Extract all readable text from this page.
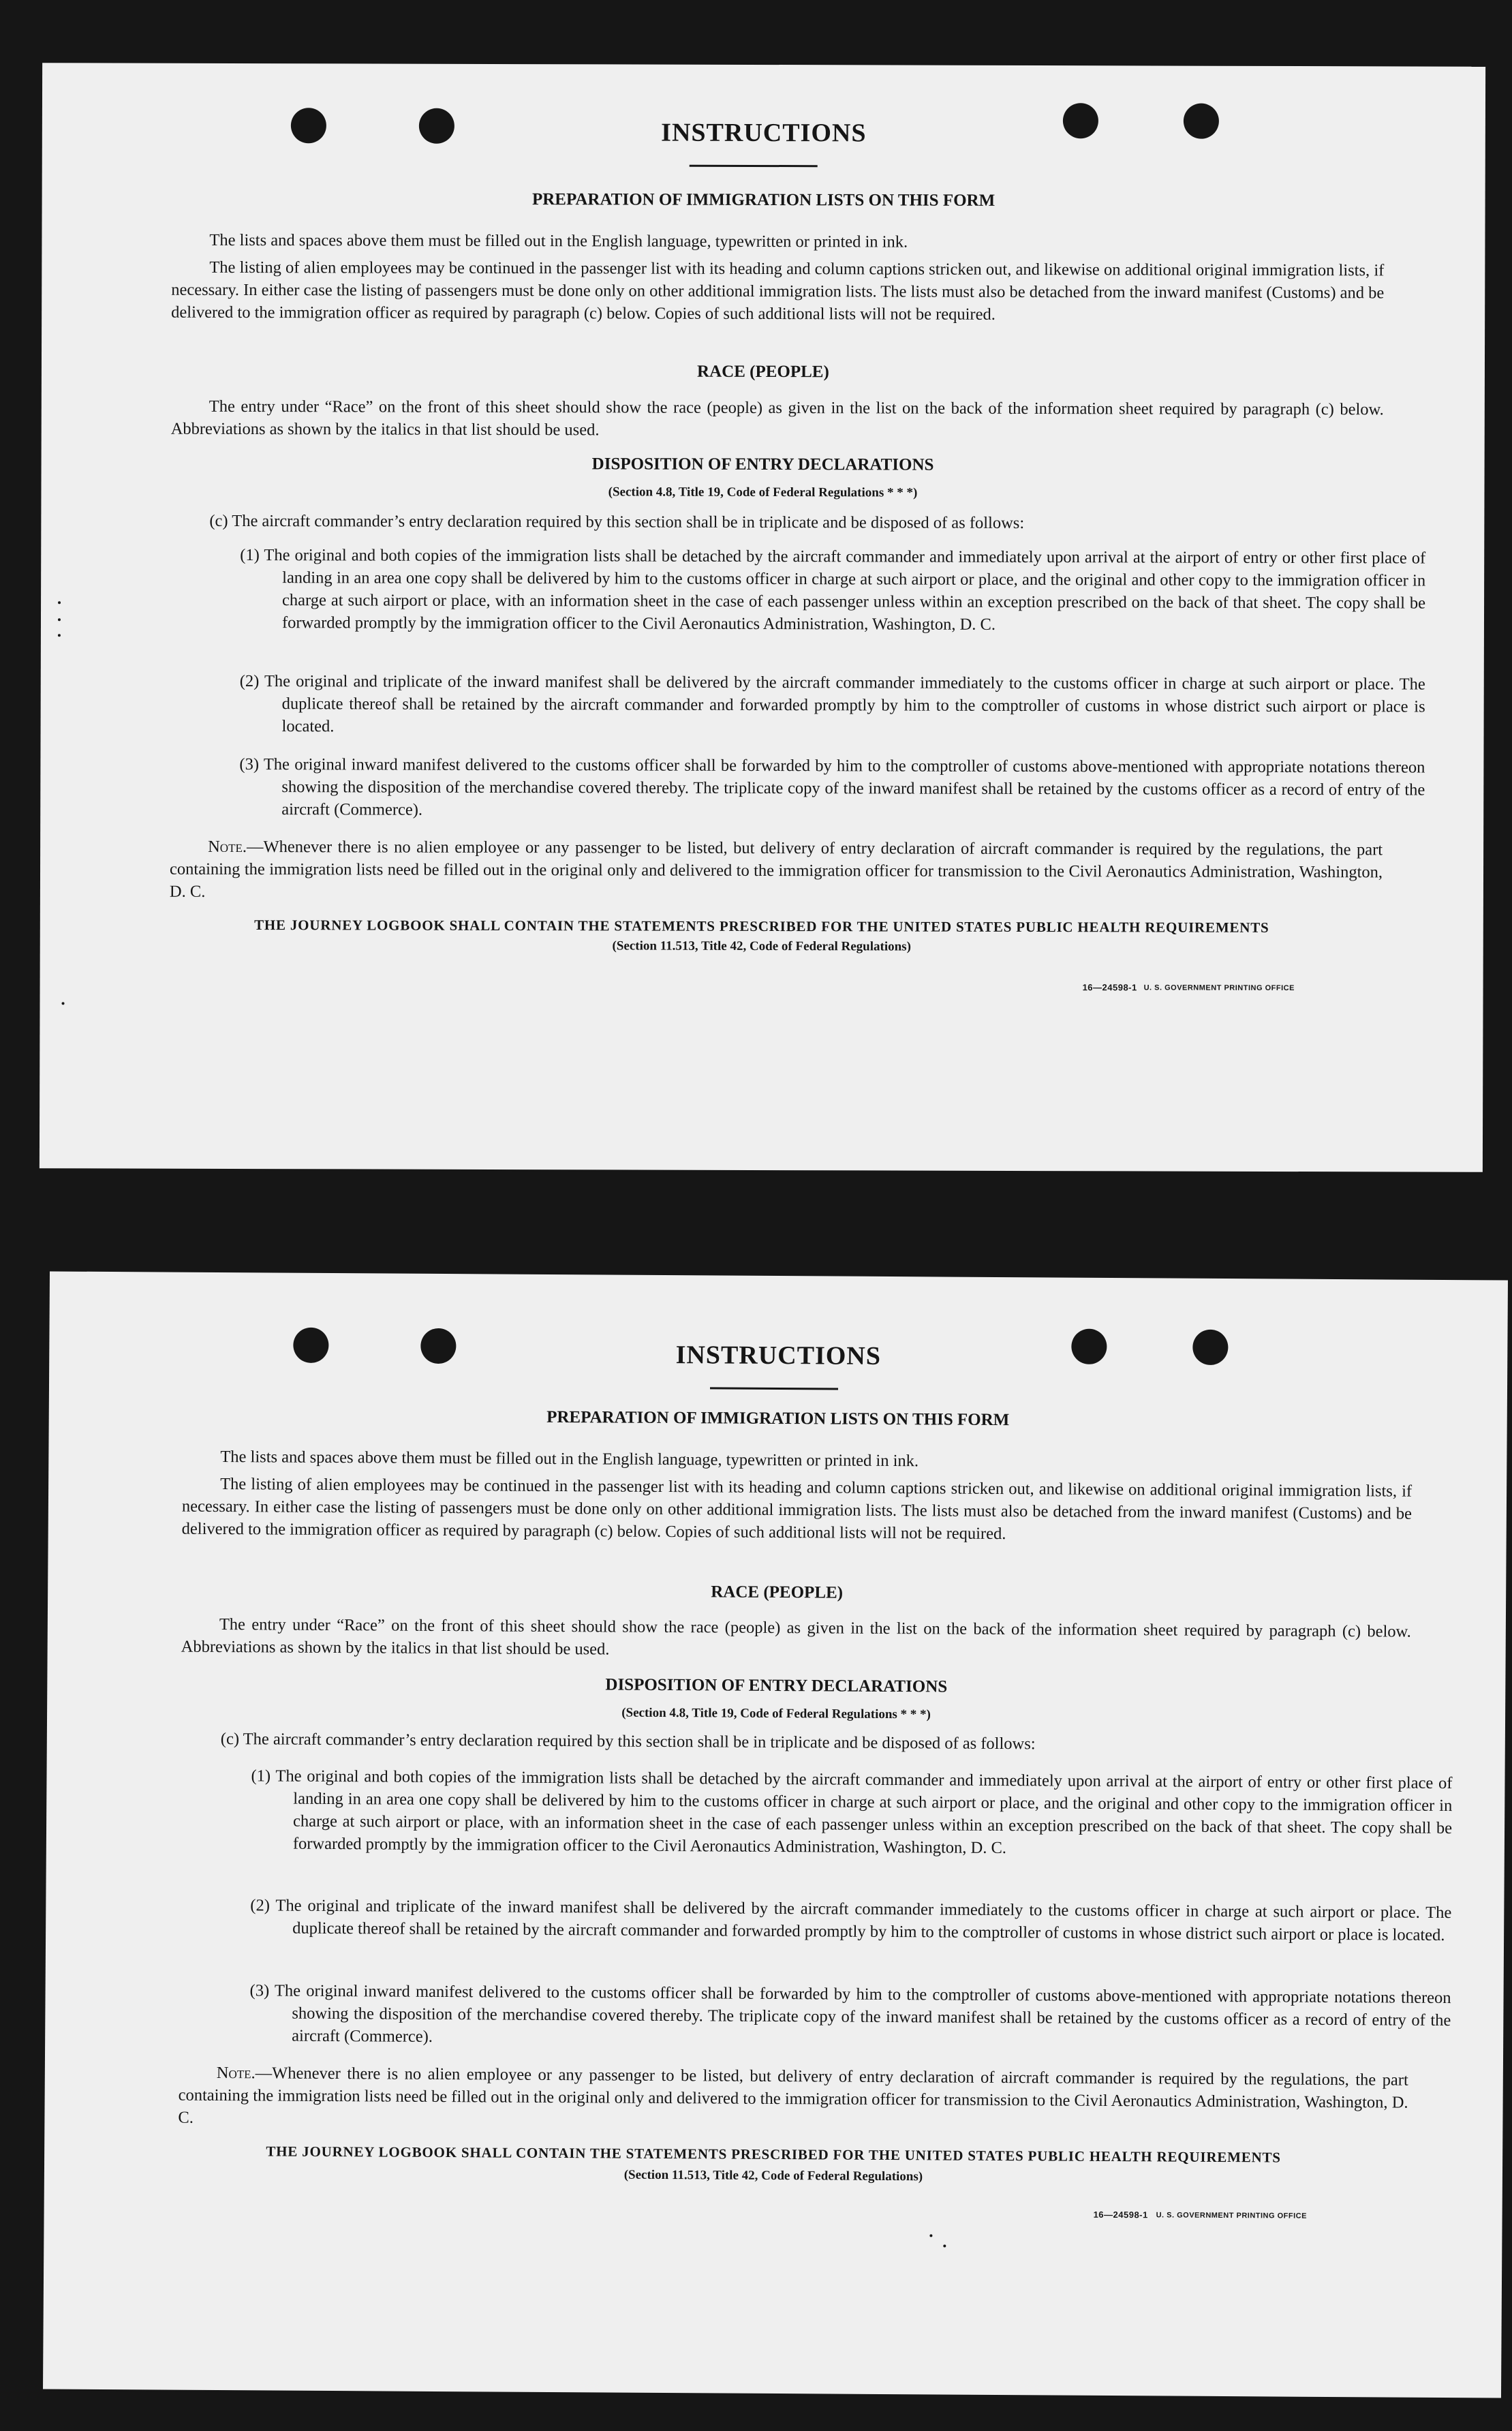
INSTRUCTIONS
PREPARATION OF IMMIGRATION LISTS ON THIS FORM

The lists and spaces above them must be filled out in the English language, typewritten or printed in ink.

The listing of alien employees may be continued in the passenger list with its heading and column captions stricken out, and likewise on additional original immigration lists, if necessary. In either case the listing of passengers must be done only on other additional immigration lists. The lists must also be detached from the inward manifest (Customs) and be delivered to the immigration officer as required by paragraph (c) below. Copies of such additional lists will not be required.

RACE (PEOPLE)

The entry under “Race” on the front of this sheet should show the race (people) as given in the list on the back of the information sheet required by paragraph (c) below. Abbreviations as shown by the italics in that list should be used.

DISPOSITION OF ENTRY DECLARATIONS
(Section 4.8, Title 19, Code of Federal Regulations * * *)

(c) The aircraft commander’s entry declaration required by this section shall be in triplicate and be disposed of as follows:

(1) The original and both copies of the immigration lists shall be detached by the aircraft commander and immediately upon arrival at the airport of entry or other first place of landing in an area one copy shall be delivered by him to the customs officer in charge at such airport or place, and the original and other copy to the immigration officer in charge at such airport or place, with an information sheet in the case of each passenger unless within an exception prescribed on the back of that sheet. The copy shall be forwarded promptly by the immigration officer to the Civil Aeronautics Administration, Washington, D. C.

(2) The original and triplicate of the inward manifest shall be delivered by the aircraft commander immediately to the customs officer in charge at such airport or place. The duplicate thereof shall be retained by the aircraft commander and forwarded promptly by him to the comptroller of customs in whose district such airport or place is located.

(3) The original inward manifest delivered to the customs officer shall be forwarded by him to the comptroller of customs above-mentioned with appropriate notations thereon showing the disposition of the merchandise covered thereby. The triplicate copy of the inward manifest shall be retained by the customs officer as a record of entry of the aircraft (Commerce).

Note.—Whenever there is no alien employee or any passenger to be listed, but delivery of entry declaration of aircraft commander is required by the regulations, the part containing the immigration lists need be filled out in the original only and delivered to the immigration officer for transmission to the Civil Aeronautics Administration, Washington, D. C.

THE JOURNEY LOGBOOK SHALL CONTAIN THE STATEMENTS PRESCRIBED FOR THE UNITED STATES PUBLIC HEALTH REQUIREMENTS
(Section 11.513, Title 42, Code of Federal Regulations)
16—24598-1 U. S. GOVERNMENT PRINTING OFFICE
INSTRUCTIONS
PREPARATION OF IMMIGRATION LISTS ON THIS FORM

The lists and spaces above them must be filled out in the English language, typewritten or printed in ink.

The listing of alien employees may be continued in the passenger list with its heading and column captions stricken out, and likewise on additional original immigration lists, if necessary. In either case the listing of passengers must be done only on other additional immigration lists. The lists must also be detached from the inward manifest (Customs) and be delivered to the immigration officer as required by paragraph (c) below. Copies of such additional lists will not be required.

RACE (PEOPLE)

The entry under “Race” on the front of this sheet should show the race (people) as given in the list on the back of the information sheet required by paragraph (c) below. Abbreviations as shown by the italics in that list should be used.

DISPOSITION OF ENTRY DECLARATIONS
(Section 4.8, Title 19, Code of Federal Regulations * * *)

(c) The aircraft commander’s entry declaration required by this section shall be in triplicate and be disposed of as follows:

(1) The original and both copies of the immigration lists shall be detached by the aircraft commander and immediately upon arrival at the airport of entry or other first place of landing in an area one copy shall be delivered by him to the customs officer in charge at such airport or place, and the original and other copy to the immigration officer in charge at such airport or place, with an information sheet in the case of each passenger unless within an exception prescribed on the back of that sheet. The copy shall be forwarded promptly by the immigration officer to the Civil Aeronautics Administration, Washington, D. C.

(2) The original and triplicate of the inward manifest shall be delivered by the aircraft commander immediately to the customs officer in charge at such airport or place. The duplicate thereof shall be retained by the aircraft commander and forwarded promptly by him to the comptroller of customs in whose district such airport or place is located.

(3) The original inward manifest delivered to the customs officer shall be forwarded by him to the comptroller of customs above-mentioned with appropriate notations thereon showing the disposition of the merchandise covered thereby. The triplicate copy of the inward manifest shall be retained by the customs officer as a record of entry of the aircraft (Commerce).

Note.—Whenever there is no alien employee or any passenger to be listed, but delivery of entry declaration of aircraft commander is required by the regulations, the part containing the immigration lists need be filled out in the original only and delivered to the immigration officer for transmission to the Civil Aeronautics Administration, Washington, D. C.

THE JOURNEY LOGBOOK SHALL CONTAIN THE STATEMENTS PRESCRIBED FOR THE UNITED STATES PUBLIC HEALTH REQUIREMENTS
(Section 11.513, Title 42, Code of Federal Regulations)
16—24598-1 U. S. GOVERNMENT PRINTING OFFICE
